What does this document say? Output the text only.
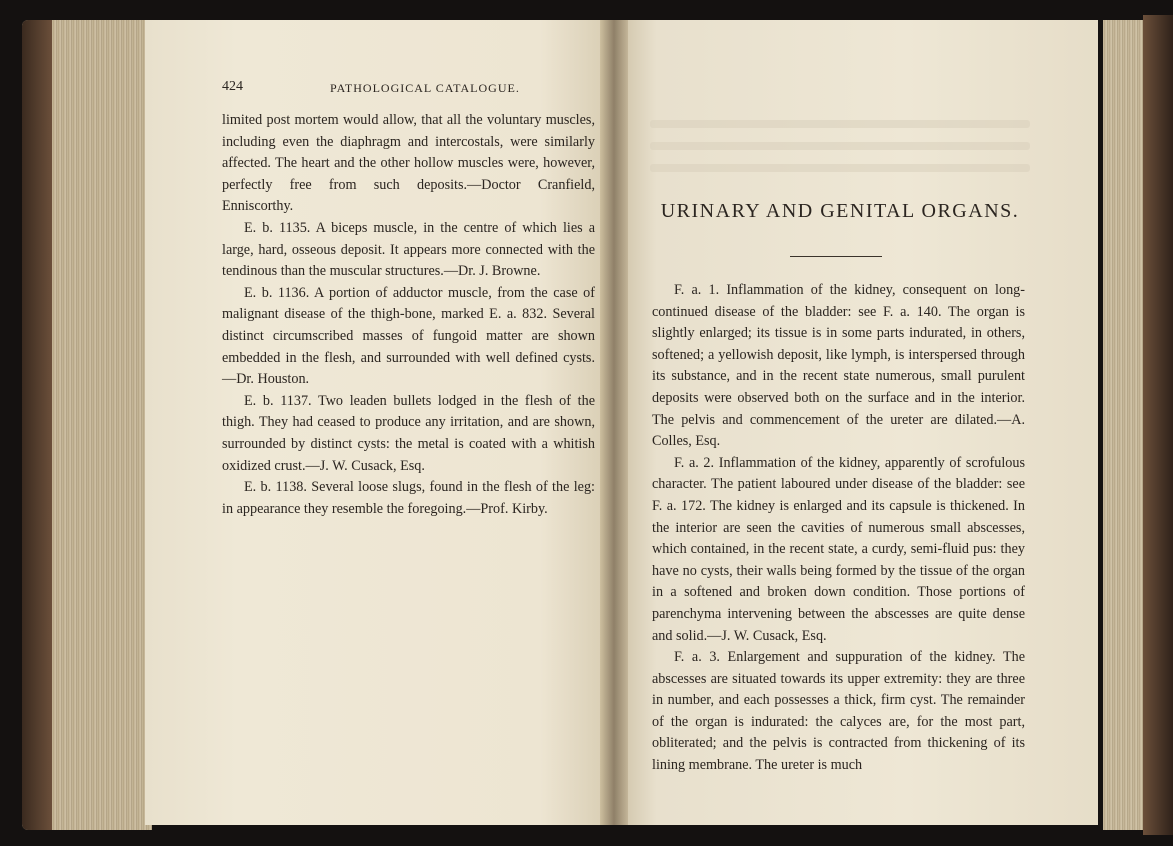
424	PATHOLOGICAL CATALOGUE.

limited post mortem would allow, that all the voluntary muscles, including even the diaphragm and intercostals, were similarly affected. The heart and the other hollow muscles were, however, perfectly free from such deposits.—Doctor Cranfield, Enniscorthy.

E. b. 1135. A biceps muscle, in the centre of which lies a large, hard, osseous deposit. It appears more connected with the tendinous than the muscular structures.—Dr. J. Browne.

E. b. 1136. A portion of adductor muscle, from the case of malignant disease of the thigh-bone, marked E. a. 832. Several distinct circumscribed masses of fungoid matter are shown embedded in the flesh, and surrounded with well defined cysts. —Dr. Houston.

E. b. 1137. Two leaden bullets lodged in the flesh of the thigh. They had ceased to produce any irritation, and are shown, surrounded by distinct cysts: the metal is coated with a whitish oxidized crust.—J. W. Cusack, Esq.

E. b. 1138. Several loose slugs, found in the flesh of the leg: in appearance they resemble the foregoing.—Prof. Kirby.

URINARY AND GENITAL ORGANS.

F. a. 1. Inflammation of the kidney, consequent on long-continued disease of the bladder: see F. a. 140. The organ is slightly enlarged; its tissue is in some parts indurated, in others, softened; a yellowish deposit, like lymph, is interspersed through its substance, and in the recent state numerous, small purulent deposits were observed both on the surface and in the interior. The pelvis and commencement of the ureter are dilated.—A. Colles, Esq.

F. a. 2. Inflammation of the kidney, apparently of scrofulous character. The patient laboured under disease of the bladder: see F. a. 172. The kidney is enlarged and its capsule is thickened. In the interior are seen the cavities of numerous small abscesses, which contained, in the recent state, a curdy, semi-fluid pus: they have no cysts, their walls being formed by the tissue of the organ in a softened and broken down condition. Those portions of parenchyma intervening between the abscesses are quite dense and solid.—J. W. Cusack, Esq.

F. a. 3. Enlargement and suppuration of the kidney. The abscesses are situated towards its upper extremity: they are three in number, and each possesses a thick, firm cyst. The remainder of the organ is indurated: the calyces are, for the most part, obliterated; and the pelvis is contracted from thickening of its lining membrane. The ureter is much
